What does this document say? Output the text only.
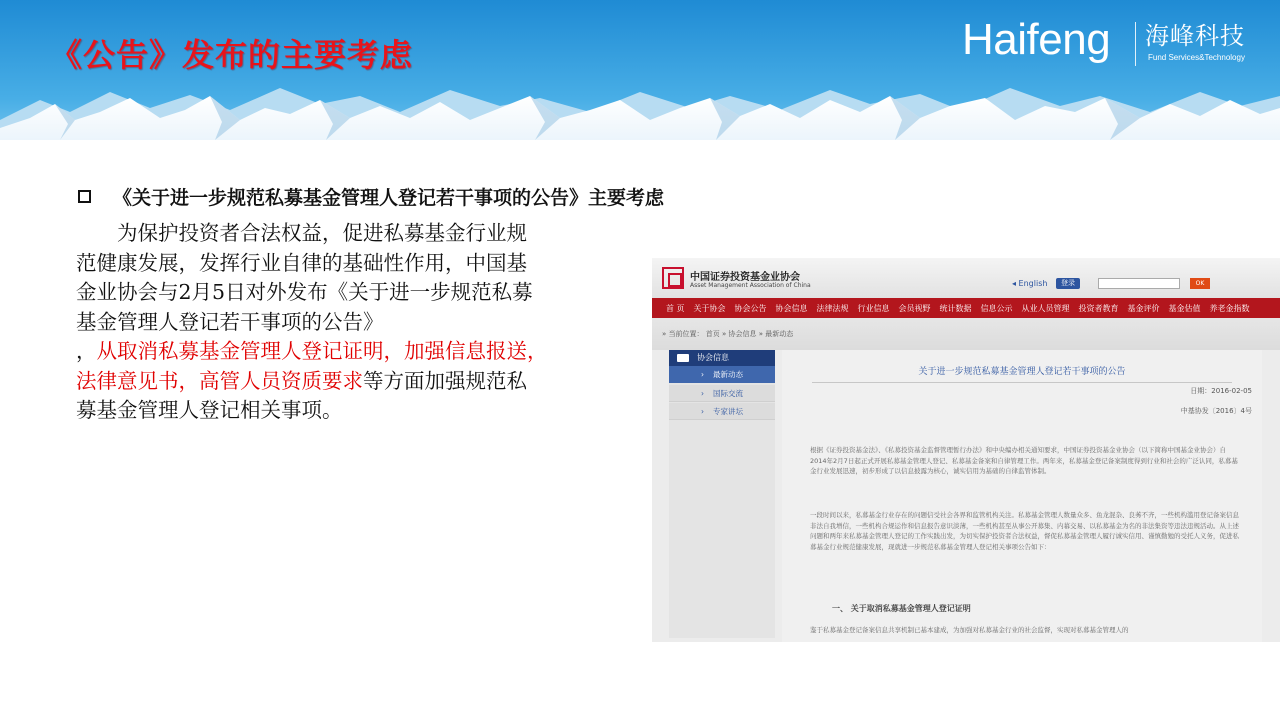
《公告》发布的主要考虑	Haifeng 海峰科技
Fund Services&Technology
《关于进一步规范私募基金管理人登记若干事项的公告》主要考虑
　　为保护投资者合法权益，促进私募基金行业规
范健康发展，发挥行业自律的基础性作用，中国基
金业协会与2月5日对外发布《关于进一步规范私募
基金管理人登记若干事项的公告》
，从取消私募基金管理人登记证明，加强信息报送，
法律意见书，高管人员资质要求等方面加强规范私
募基金管理人登记相关事项。
中国证券投资基金业协会
Asset Management Association of China	◂ English	登录	OK
首 页 关于协会 协会公告 协会信息 法律法规 行业信息 会员视野 统计数据 信息公示 从业人员管理 投资者教育 基金评价 基金估值 养老金指数
» 当前位置： 首页 » 协会信息 » 最新动态
协会信息
› 最新动态
› 国际交流
› 专家讲坛
关于进一步规范私募基金管理人登记若干事项的公告
日期：2016-02-05
中基协发〔2016〕4号
根据《证券投资基金法》、《私募投资基金监督管理暂行办法》和中央编办相关通知要求，中国证券投资基金业协会（以下简称中国基金业协会）自2014年2月7日起正式开展私募基金管理人登记、私募基金备案和自律管理工作。两年来，私募基金登记备案制度得到行业和社会的广泛认同，私募基金行业发展迅速，初步形成了以信息披露为核心，诚实信用为基础的自律监管体制。
一段时间以来，私募基金行业存在的问题信受社会各界和监管机构关注。私募基金管理人数量众多、鱼龙混杂、良莠不齐，一些机构滥用登记备案信息非法自我增信，一些机构合规运作和信息报告意识淡薄，一些机构甚至从事公开募集、内幕交易、以私募基金为名的非法集资等违法违规活动。从上述问题和两年来私募基金管理人登记的工作实践出发，为切实保护投资者合法权益，督促私募基金管理人履行诚实信用、谨慎勤勉的受托人义务，促进私募基金行业规范健康发展，现就进一步规范私募基金管理人登记相关事项公告如下：
一、 关于取消私募基金管理人登记证明
鉴于私募基金登记备案信息共享机制已基本建成，为加强对私募基金行业的社会监督，实现对私募基金管理人的
